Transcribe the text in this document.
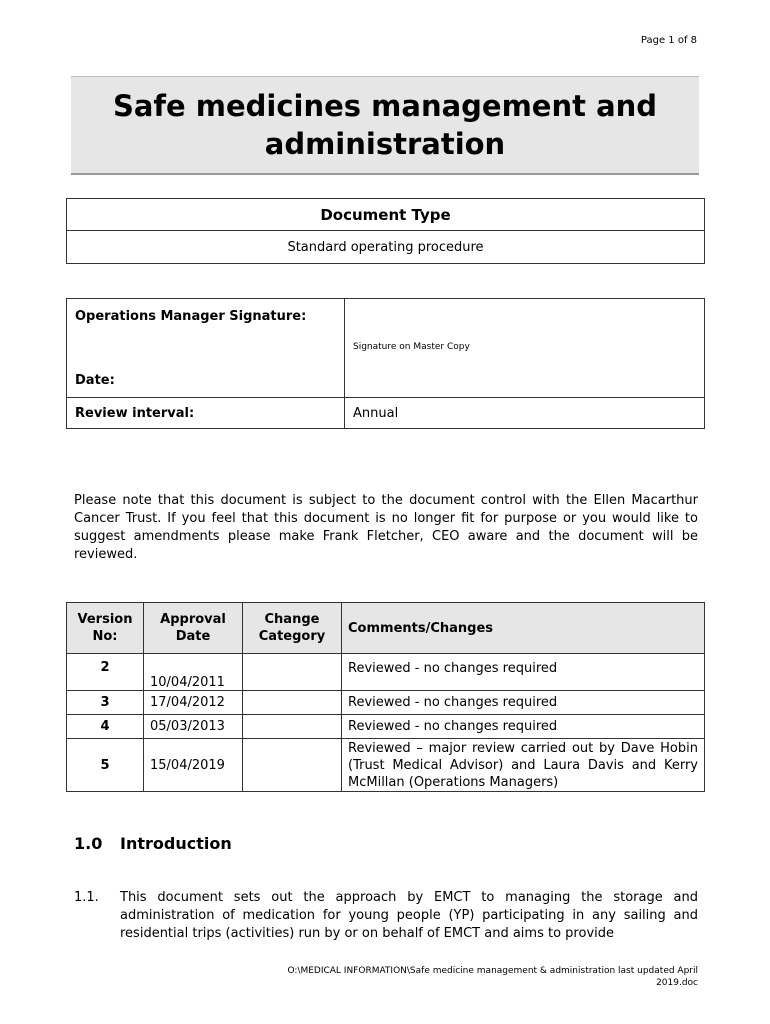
Page 1 of 8
Safe medicines management and administration
Document Type
Standard operating procedure
Operations Manager Signature:
Date:	Signature on Master Copy

Review interval:	Annual

Please note that this document is subject to the document control with the Ellen Macarthur Cancer Trust. If you feel that this document is no longer fit for purpose or you would like to suggest amendments please make Frank Fletcher, CEO aware and the document will be reviewed.

Version No:	Approval Date	Change Category	Comments/Changes
2	10/04/2011		Reviewed - no changes required
3	17/04/2012		Reviewed - no changes required
4	05/03/2013		Reviewed - no changes required
5	15/04/2019		Reviewed – major review carried out by Dave Hobin (Trust Medical Advisor) and Laura Davis and Kerry McMillan (Operations Managers)
1.0 Introduction
1.1.	This document sets out the approach by EMCT to managing the storage and administration of medication for young people (YP) participating in any sailing and residential trips (activities) run by or on behalf of EMCT and aims to provide
O:\MEDICAL INFORMATION\Safe medicine management & administration last updated April 2019.doc
